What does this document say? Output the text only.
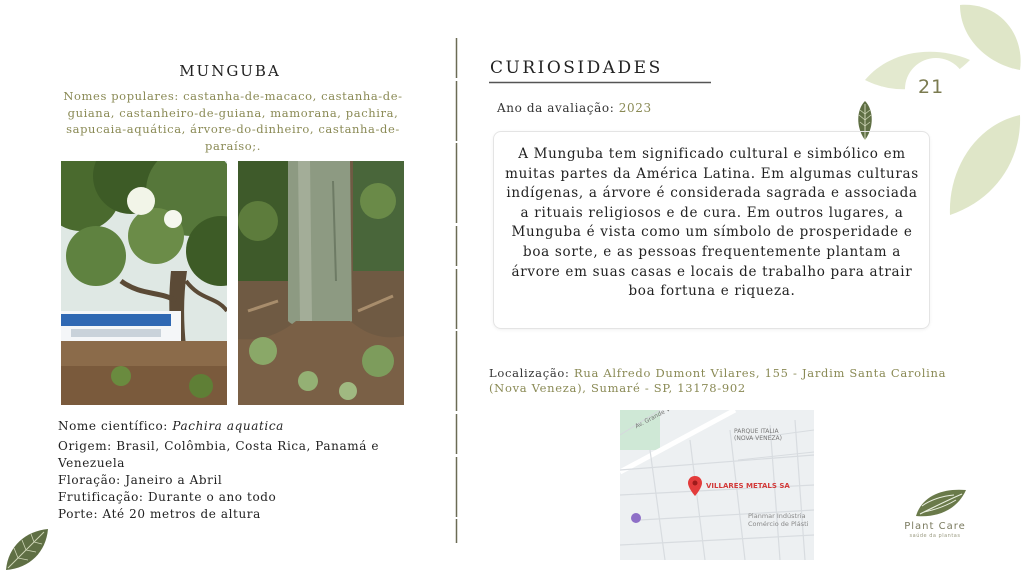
21
MUNGUBA
Nomes populares: castanha-de-macaco, castanha-de-guiana, castanheiro-de-guiana, mamorana, pachira, sapucaia-aquática, árvore-do-dinheiro, castanha-de-paraíso;.

Nome científico: Pachira aquatica

Origem: Brasil, Colômbia, Costa Rica, Panamá e Venezuela

Floração: Janeiro a Abril

Frutificação: Durante o ano todo

Porte: Até 20 metros de altura

CURIOSIDADES
Ano da avaliação: 2023
A Munguba tem significado cultural e simbólico em muitas partes da América Latina. Em algumas culturas indígenas, a árvore é considerada sagrada e associada a rituais religiosos e de cura. Em outros lugares, a Munguba é vista como um símbolo de prosperidade e boa sorte, e as pessoas frequentemente plantam a árvore em suas casas e locais de trabalho para atrair boa fortuna e riqueza.
Localização: Rua Alfredo Dumont Vilares, 155 - Jardim Santa Carolina (Nova Veneza), Sumaré - SP, 13178-902
PARQUE ITALIA (NOVA VENEZA)
VILLARES METALS SA
Planmar Indústria Comércio de Plásti	Plant Care
saúde da plantas
